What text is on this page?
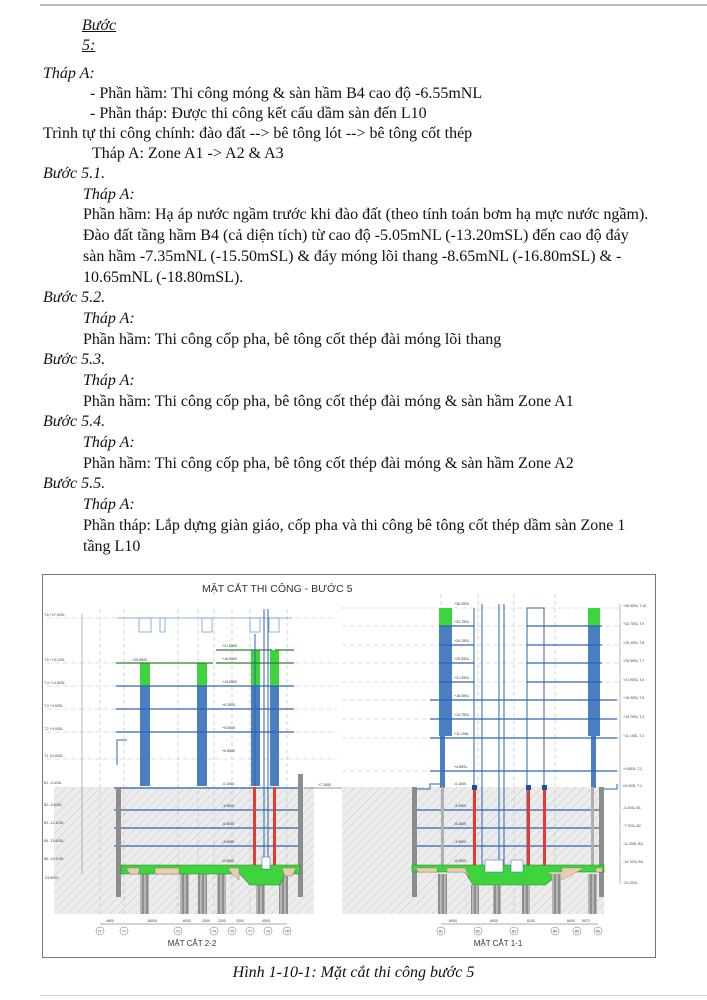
Bước
5:
Tháp A:
- Phần hầm: Thi công móng & sàn hầm B4 cao độ -6.55mNL
- Phần tháp: Được thi công kết cấu dầm sàn đến L10
Trình tự thi công chính: đào đất --> bê tông lót --> bê tông cốt thép
Tháp A: Zone A1 -> A2 & A3
Bước 5.1.
Tháp A:
Phần hầm: Hạ áp nước ngầm trước khi đào đất (theo tính toán bơm hạ mực nước ngầm).
Đào đất tầng hầm B4 (cả diện tích) từ cao độ -5.05mNL (-13.20mSL) đến cao độ đáy
sàn hầm -7.35mNL (-15.50mSL) & đáy móng lõi thang -8.65mNL (-16.80mSL) & -
10.65mNL (-18.80mSL).
Bước 5.2.
Tháp A:
Phần hầm: Thi công cốp pha, bê tông cốt thép đài móng lõi thang
Bước 5.3.
Tháp A:
Phần hầm: Thi công cốp pha, bê tông cốt thép đài móng & sàn hầm Zone A1
Bước 5.4.
Tháp A:
Phần hầm: Thi công cốp pha, bê tông cốt thép đài móng & sàn hầm Zone A2
Bước 5.5.
Tháp A:
Phần tháp: Lắp dựng giàn giáo, cốp pha và thi công bê tông cốt thép dầm sàn Zone 1
tầng L10
MẶT CẮT THI CÔNG - BƯỚC 5
T.6 +27.50SL
T.5 +19.10SL
T.4 +14.80SL
T.3 +9.50SL
T.2 +5.00SL
T.1 ±0.00SL
B1 -4.40SL
B2 -8.60SL
B3 -12.10SL
B4 -15.60SL
B5 -19.10SL
-23.80SL
+20.6500
+21.8500
+18.9500
+14.6500
+9.3500
+5.0500
+0.8500
-0.1500
-3.9500
-6.4500
-3.9500
-6.5500
+7.1600
4800	18000	6000	3300 3300	3300	4500
Y1'	Y1	Y2	Y4	Y5	Y7	Y8	Y8'
MẶT CẮT 2-2
+36.35SL
+32.75SL
+29.15SL
+25.55SL
+21.95SL
+18.35SL
+14.75SL
+11.15SL
+4.85SL
-0.1500
-3.9500
-6.4500
-3.9500
-6.5500
+36.55SL T.10
+32.75SL T.9
+29.15SL T.8
+25.55SL T.7
+21.95SL T.6
+18.35SL T.5
+14.75SL T.4
+11.15SL T.3
+4.85SL T.2
±0.00SL T.1
-4.20SL B1
-7.70SL B2
-11.20SL B3
-14.70SL B4
-23.20SL
6500	6500	8100	8400 5572
B1	B2	B3	B4	B5	B6
MẶT CẮT 1-1
Hình 1-10-1: Mặt cắt thi công bước 5
